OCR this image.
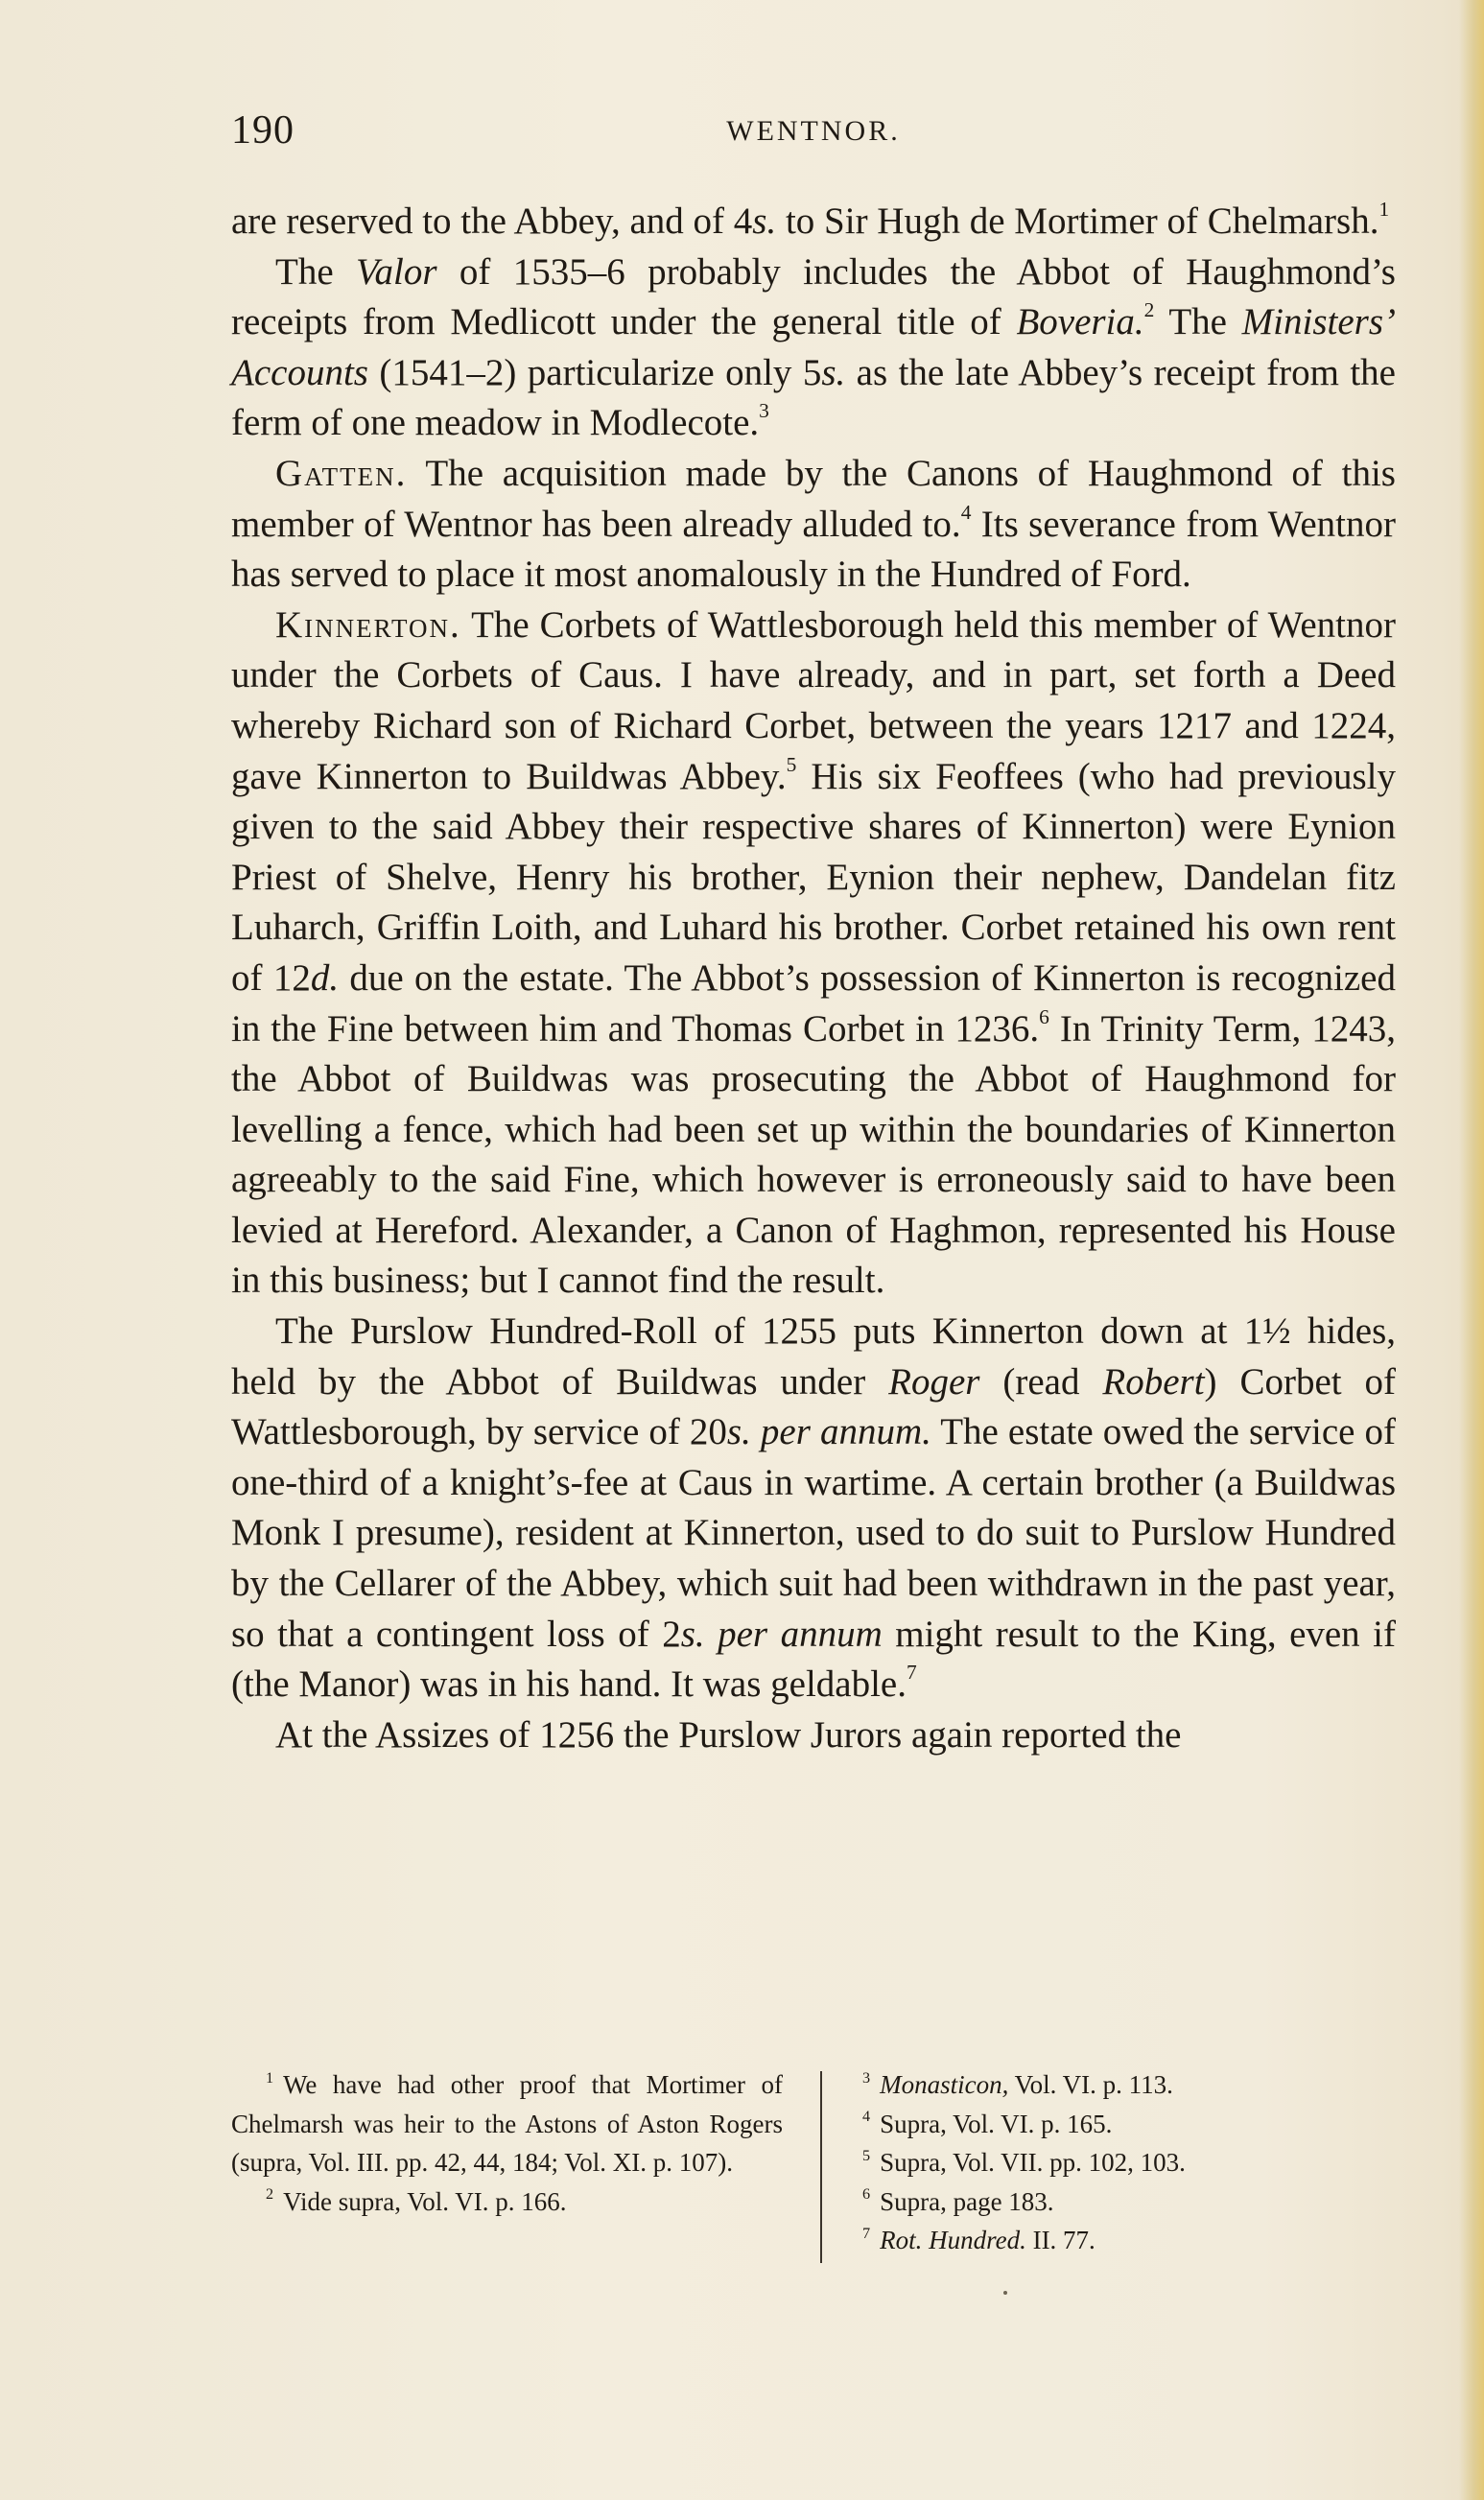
190	WENTNOR.

are reserved to the Abbey, and of 4s. to Sir Hugh de Mortimer of Chelmarsh.$^1$

The Valor of 1535–6 probably includes the Abbot of Haughmond’s receipts from Medlicott under the general title of Boveria.$^2$ The Ministers’ Accounts (1541–2) particularize only 5s. as the late Abbey’s receipt from the ferm of one meadow in Modlecote.$^3$

Gatten. The acquisition made by the Canons of Haughmond of this member of Wentnor has been already alluded to.$^4$ Its severance from Wentnor has served to place it most anomalously in the Hundred of Ford.

Kinnerton. The Corbets of Wattlesborough held this member of Wentnor under the Corbets of Caus. I have already, and in part, set forth a Deed whereby Richard son of Richard Corbet, between the years 1217 and 1224, gave Kinnerton to Buildwas Abbey.$^5$ His six Feoffees (who had previously given to the said Abbey their respective shares of Kinnerton) were Eynion Priest of Shelve, Henry his brother, Eynion their nephew, Dandelan fitz Luharch, Griffin Loith, and Luhard his brother. Corbet retained his own rent of 12d. due on the estate. The Abbot’s possession of Kinnerton is recognized in the Fine between him and Thomas Corbet in 1236.$^6$ In Trinity Term, 1243, the Abbot of Buildwas was prosecuting the Abbot of Haughmond for levelling a fence, which had been set up within the boundaries of Kinnerton agreeably to the said Fine, which however is erroneously said to have been levied at Hereford. Alexander, a Canon of Haghmon, represented his House in this business; but I cannot find the result.

The Purslow Hundred-Roll of 1255 puts Kinnerton down at 1½ hides, held by the Abbot of Buildwas under Roger (read Robert) Corbet of Wattlesborough, by service of 20s. per annum. The estate owed the service of one-third of a knight’s-fee at Caus in wartime. A certain brother (a Buildwas Monk I presume), resident at Kinnerton, used to do suit to Purslow Hundred by the Cellarer of the Abbey, which suit had been withdrawn in the past year, so that a contingent loss of 2s. per annum might result to the King, even if (the Manor) was in his hand. It was geldable.$^7$

At the Assizes of 1256 the Purslow Jurors again reported the

$^1$ We have had other proof that Mortimer of Chelmarsh was heir to the Astons of Aston Rogers (supra, Vol. III. pp. 42, 44, 184; Vol. XI. p. 107).

$^2$ Vide supra, Vol. VI. p. 166.

$^3$ Monasticon, Vol. VI. p. 113.

$^4$ Supra, Vol. VI. p. 165.

$^5$ Supra, Vol. VII. pp. 102, 103.

$^6$ Supra, page 183.

$^7$ Rot. Hundred. II. 77.
